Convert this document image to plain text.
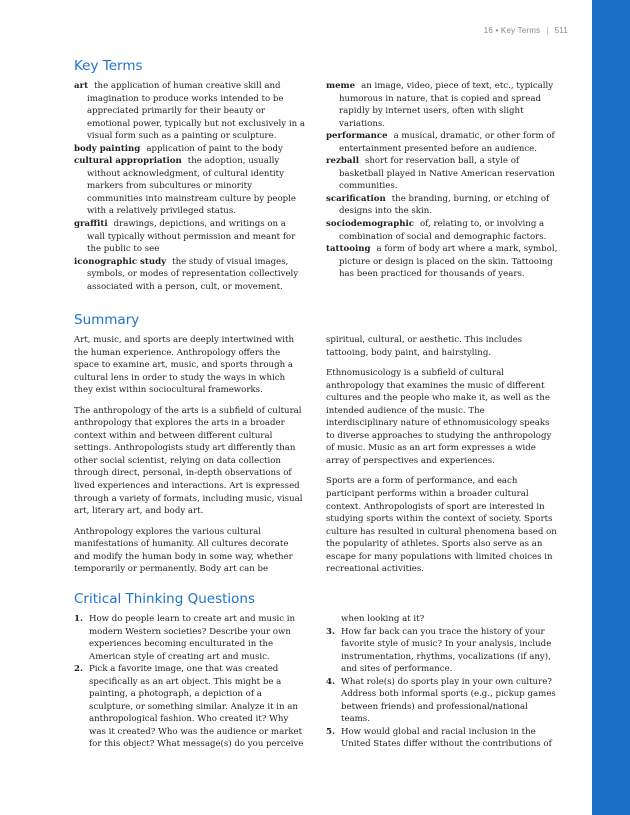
16 • Key Terms | 511
Key Terms

art the application of human creative skill and imagination to produce works intended to be appreciated primarily for their beauty or emotional power, typically but not exclusively in a visual form such as a painting or sculpture.

body painting application of paint to the body

cultural appropriation the adoption, usually without acknowledgment, of cultural identity markers from subcultures or minority communities into mainstream culture by people with a relatively privileged status.

graffiti drawings, depictions, and writings on a wall typically without permission and meant for the public to see

iconographic study the study of visual images, symbols, or modes of representation collectively associated with a person, cult, or movement.

meme an image, video, piece of text, etc., typically humorous in nature, that is copied and spread rapidly by internet users, often with slight variations.

performance a musical, dramatic, or other form of entertainment presented before an audience.

rezball short for reservation ball, a style of basketball played in Native American reservation communities.

scarification the branding, burning, or etching of designs into the skin.

sociodemographic of, relating to, or involving a combination of social and demographic factors.

tattooing a form of body art where a mark, symbol, picture or design is placed on the skin. Tattooing has been practiced for thousands of years.

Summary

Art, music, and sports are deeply intertwined with the human experience. Anthropology offers the space to examine art, music, and sports through a cultural lens in order to study the ways in which they exist within sociocultural frameworks.

The anthropology of the arts is a subfield of cultural anthropology that explores the arts in a broader context within and between different cultural settings. Anthropologists study art differently than other social scientist, relying on data collection through direct, personal, in-depth observations of lived experiences and interactions. Art is expressed through a variety of formats, including music, visual art, literary art, and body art.

Anthropology explores the various cultural manifestations of humanity. All cultures decorate and modify the human body in some way, whether temporarily or permanently. Body art can be

spiritual, cultural, or aesthetic. This includes tattooing, body paint, and hairstyling.

Ethnomusicology is a subfield of cultural anthropology that examines the music of different cultures and the people who make it, as well as the intended audience of the music. The interdisciplinary nature of ethnomusicology speaks to diverse approaches to studying the anthropology of music. Music as an art form expresses a wide array of perspectives and experiences.

Sports are a form of performance, and each participant performs within a broader cultural context. Anthropologists of sport are interested in studying sports within the context of society. Sports culture has resulted in cultural phenomena based on the popularity of athletes. Sports also serve as an escape for many populations with limited choices in recreational activities.

Critical Thinking Questions

1. How do people learn to create art and music in modern Western societies? Describe your own experiences becoming enculturated in the American style of creating art and music.

2. Pick a favorite image, one that was created specifically as an art object. This might be a painting, a photograph, a depiction of a sculpture, or something similar. Analyze it in an anthropological fashion. Who created it? Why was it created? Who was the audience or market for this object? What message(s) do you perceive

when looking at it?

3. How far back can you trace the history of your favorite style of music? In your analysis, include instrumentation, rhythms, vocalizations (if any), and sites of performance.

4. What role(s) do sports play in your own culture? Address both informal sports (e.g., pickup games between friends) and professional/national teams.

5. How would global and racial inclusion in the United States differ without the contributions of
